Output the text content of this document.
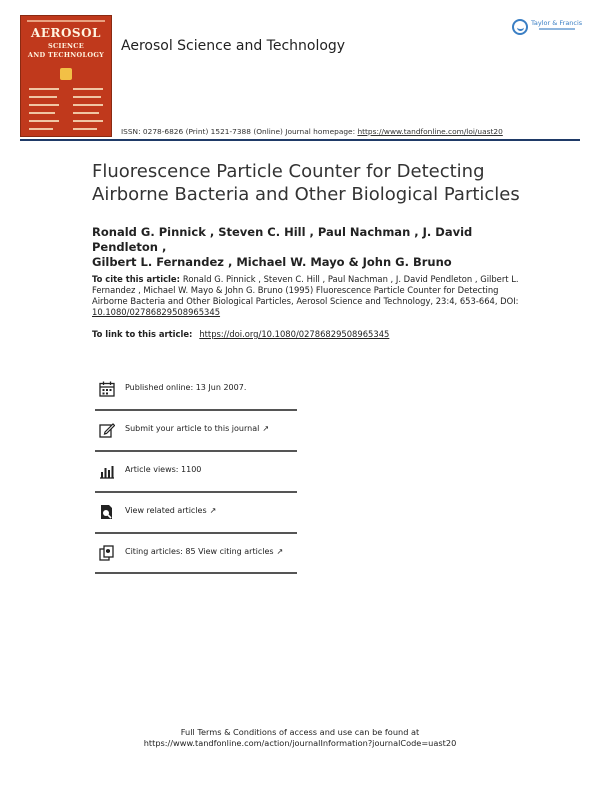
AEROSOL
SCIENCE
AND TECHNOLOGY
Aerosol Science and Technology
ISSN: 0278-6826 (Print) 1521-7388 (Online) Journal homepage: https://www.tandfonline.com/loi/uast20
Taylor & Francis
Fluorescence Particle Counter for Detecting Airborne Bacteria and Other Biological Particles
Ronald G. Pinnick , Steven C. Hill , Paul Nachman , J. David Pendleton ,
Gilbert L. Fernandez , Michael W. Mayo & John G. Bruno
To cite this article: Ronald G. Pinnick , Steven C. Hill , Paul Nachman , J. David Pendleton , Gilbert L. Fernandez , Michael W. Mayo & John G. Bruno (1995) Fluorescence Particle Counter for Detecting Airborne Bacteria and Other Biological Particles, Aerosol Science and Technology, 23:4, 653-664, DOI: 10.1080/02786829508965345
To link to this article: https://doi.org/10.1080/02786829508965345
Published online: 13 Jun 2007.
Submit your article to this journal ↗
Article views: 1100
View related articles ↗
Citing articles: 85 View citing articles ↗
Full Terms & Conditions of access and use can be found at
https://www.tandfonline.com/action/journalInformation?journalCode=uast20
